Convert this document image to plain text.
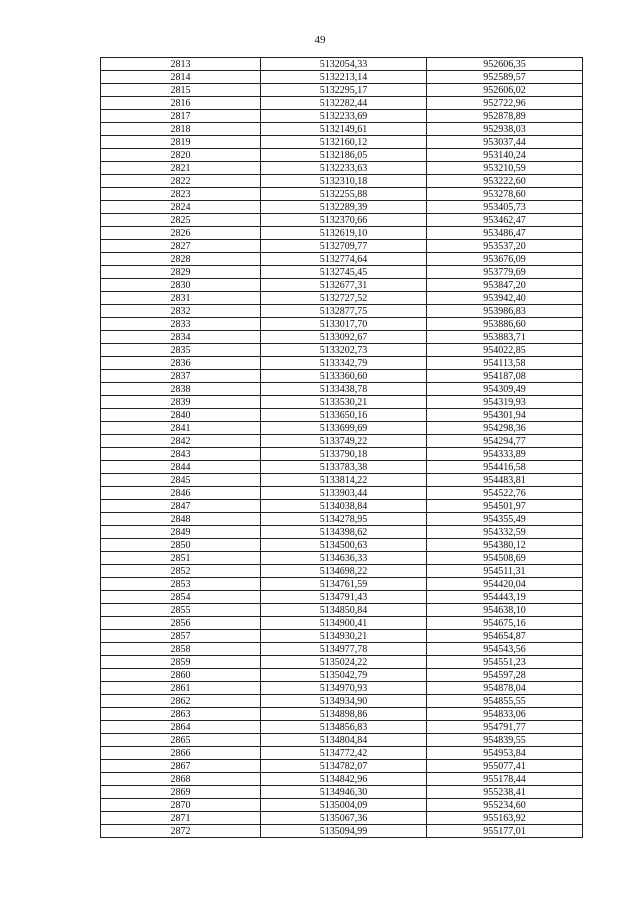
49
2813	5132054,33	952606,35
2814	5132213,14	952589,57
2815	5132295,17	952606,02
2816	5132282,44	952722,96
2817	5132233,69	952878,89
2818	5132149,61	952938,03
2819	5132160,12	953037,44
2820	5132186,05	953140,24
2821	5132233,63	953210,59
2822	5132310,18	953222,60
2823	5132255,88	953278,60
2824	5132289,39	953405,73
2825	5132370,66	953462,47
2826	5132619,10	953486,47
2827	5132709,77	953537,20
2828	5132774,64	953676,09
2829	5132745,45	953779,69
2830	5132677,31	953847,20
2831	5132727,52	953942,40
2832	5132877,75	953986,83
2833	5133017,70	953886,60
2834	5133092,67	953883,71
2835	5133202,73	954022,85
2836	5133342,79	954113,58
2837	5133360,60	954187,08
2838	5133438,78	954309,49
2839	5133530,21	954319,93
2840	5133650,16	954301,94
2841	5133699,69	954298,36
2842	5133749,22	954294,77
2843	5133790,18	954333,89
2844	5133783,38	954416,58
2845	5133814,22	954483,81
2846	5133903,44	954522,76
2847	5134038,84	954501,97
2848	5134278,95	954355,49
2849	5134398,62	954332,59
2850	5134500,63	954380,12
2851	5134636,33	954508,69
2852	5134698,22	954511,31
2853	5134761,59	954420,04
2854	5134791,43	954443,19
2855	5134850,84	954638,10
2856	5134900,41	954675,16
2857	5134930,21	954654,87
2858	5134977,78	954543,56
2859	5135024,22	954551,23
2860	5135042,79	954597,28
2861	5134970,93	954878,04
2862	5134934,90	954855,55
2863	5134898,86	954833,06
2864	5134856,83	954791,77
2865	5134804,84	954839,55
2866	5134772,42	954953,84
2867	5134782,07	955077,41
2868	5134842,96	955178,44
2869	5134946,30	955238,41
2870	5135004,09	955234,60
2871	5135067,36	955163,92
2872	5135094,99	955177,01
